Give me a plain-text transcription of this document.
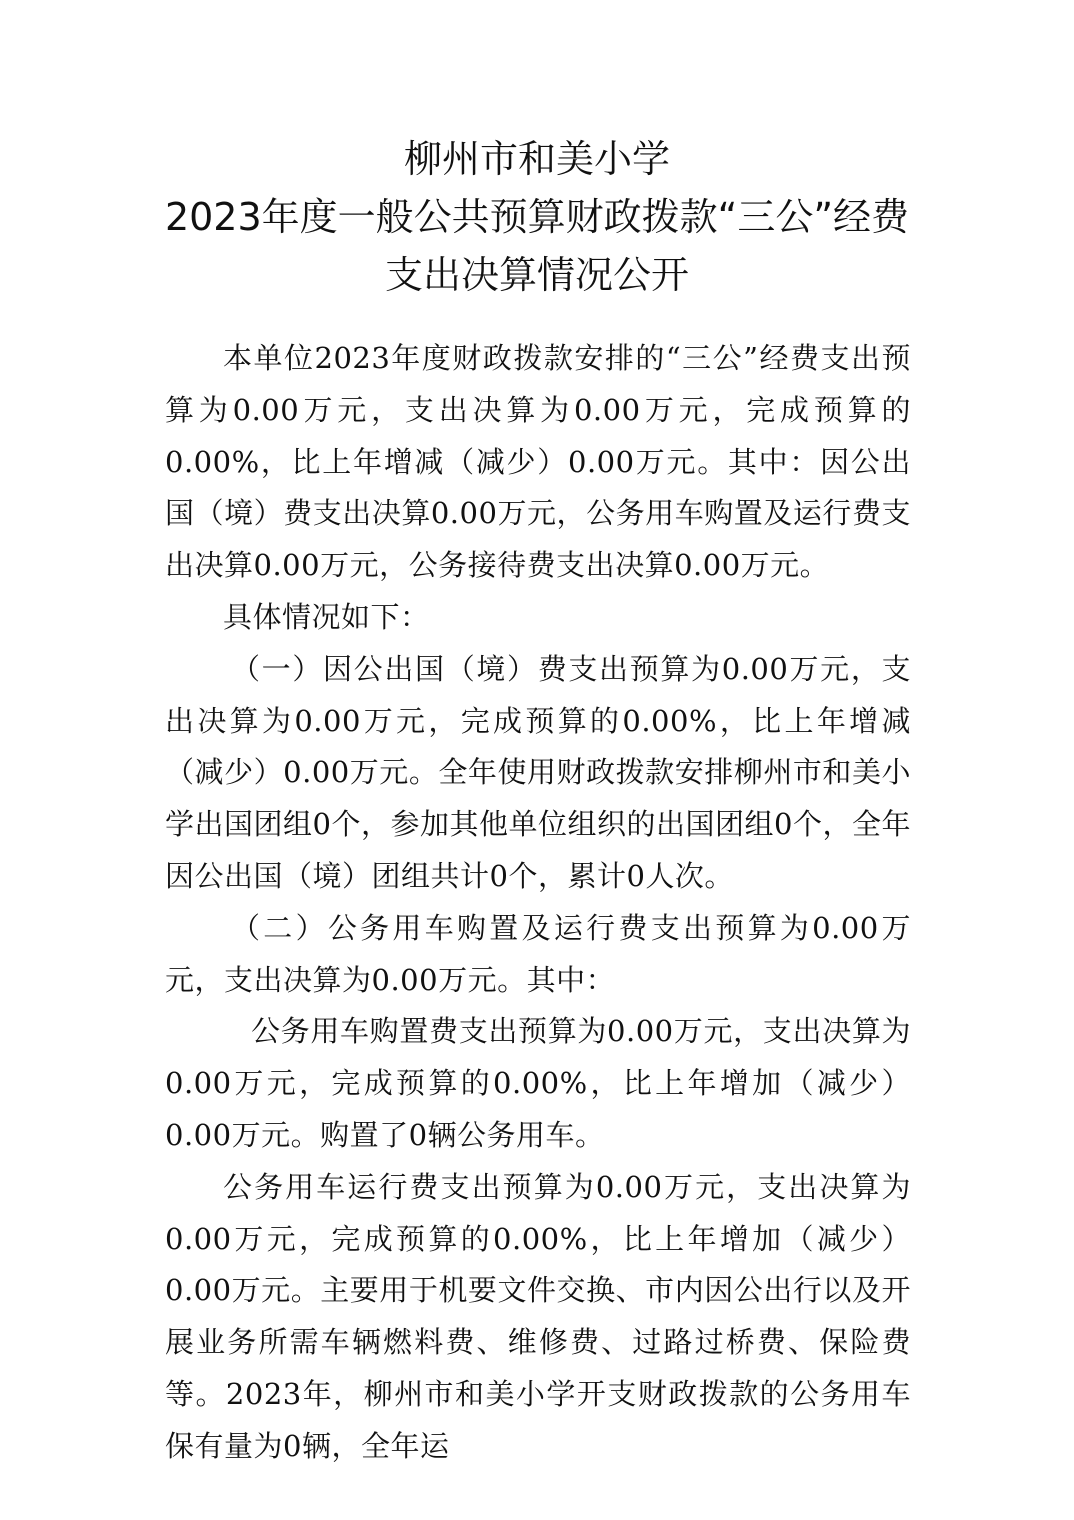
柳州市和美小学
2023年度一般公共预算财政拨款“三公”经费
支出决算情况公开

本单位2023年度财政拨款安排的“三公”经费支出预算为0.00万元，支出决算为0.00万元，完成预算的0.00%，比上年增减（减少）0.00万元。其中：因公出国（境）费支出决算0.00万元，公务用车购置及运行费支出决算0.00万元，公务接待费支出决算0.00万元。

具体情况如下：

（一）因公出国（境）费支出预算为0.00万元，支出决算为0.00万元，完成预算的0.00%，比上年增减（减少）0.00万元。全年使用财政拨款安排柳州市和美小学出国团组0个，参加其他单位组织的出国团组0个，全年因公出国（境）团组共计0个，累计0人次。

（二）公务用车购置及运行费支出预算为0.00万元，支出决算为0.00万元。其中：

公务用车购置费支出预算为0.00万元，支出决算为0.00万元，完成预算的0.00%，比上年增加（减少）0.00万元。购置了0辆公务用车。

公务用车运行费支出预算为0.00万元，支出决算为0.00万元，完成预算的0.00%，比上年增加（减少）0.00万元。主要用于机要文件交换、市内因公出行以及开展业务所需车辆燃料费、维修费、过路过桥费、保险费等。2023年，柳州市和美小学开支财政拨款的公务用车保有量为0辆，全年运
